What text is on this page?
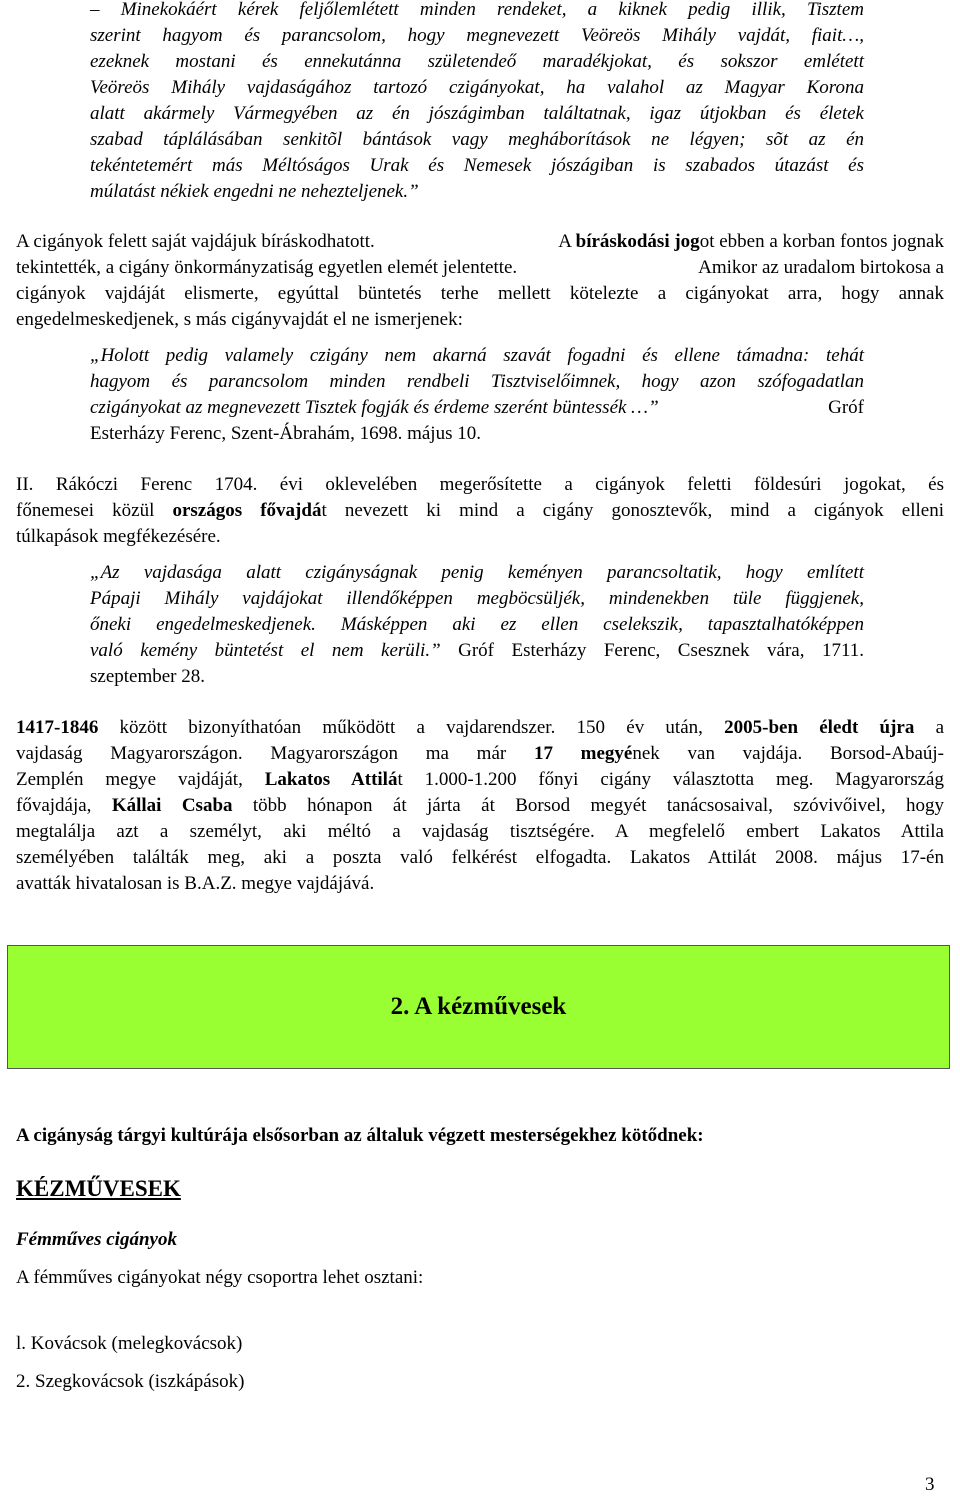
– Minekokáért kérek feljőlemlétett minden rendeket, a kiknek pedig illik, Tisztem
szerint hagyom és parancsolom, hogy megnevezett Veöreös Mihály vajdát, fiait…,
ezeknek mostani és ennekutánna születendeő maradékjokat, és sokszor emlétett
Veöreös Mihály vajdaságához tartozó czigányokat, ha valahol az Magyar Korona
alatt akármely Vármegyében az én jószágimban találtatnak, igaz útjokban és életek
szabad táplálásában senkitõl bántások vagy megháborítások ne légyen; sõt az én
tekéntetemért más Méltóságos Urak és Nemesek jószágiban is szabados útazást és
múlatást nékiek engedni ne nehezteljenek.”
A cigányok felett saját vajdájuk bíráskodhatott.	A bíráskodási jogot ebben a korban fontos jognak
tekintették, a cigány önkormányzatiság egyetlen elemét jelentette.	Amikor az uradalom birtokosa a
cigányok vajdáját elismerte, egyúttal büntetés terhe mellett kötelezte a cigányokat arra, hogy annak
engedelmeskedjenek, s más cigányvajdát el ne ismerjenek:
„Holott pedig valamely czigány nem akarná szavát fogadni és ellene támadna: tehát
hagyom és parancsolom minden rendbeli Tisztviselőimnek, hogy azon szófogadatlan
czigányokat az megnevezett Tisztek fogják és érdeme szerént büntessék …”	Gróf
Esterházy Ferenc, Szent-Ábrahám, 1698. május 10.
II. Rákóczi Ferenc 1704. évi oklevelében megerősítette a cigányok feletti földesúri jogokat, és
főnemesei közül országos fővajdát nevezett ki mind a cigány gonosztevők, mind a cigányok elleni
túlkapások megfékezésére.
„Az vajdasága alatt czigányságnak penig keményen parancsoltatik, hogy említett
Pápaji Mihály vajdájokat illendőképpen megböcsüljék, mindenekben tüle függjenek,
őneki engedelmeskedjenek. Másképpen aki ez ellen cselekszik, tapasztalhatóképpen
való kemény büntetést el nem kerüli.” Gróf Esterházy Ferenc, Csesznek vára, 1711.
szeptember 28.
1417-1846 között bizonyíthatóan működött a vajdarendszer. 150 év után, 2005-ben éledt újra a
vajdaság Magyarországon. Magyarországon ma már 17 megyének van vajdája. Borsod-Abaúj-
Zemplén megye vajdáját, Lakatos Attilát 1.000-1.200 főnyi cigány választotta meg. Magyarország
fővajdája, Kállai Csaba több hónapon át járta át Borsod megyét tanácsosaival, szóvivőivel, hogy
megtalálja azt a személyt, aki méltó a vajdaság tisztségére. A megfelelő embert Lakatos Attila
személyében találták meg, aki a poszta való felkérést elfogadta. Lakatos Attilát 2008. május 17-én
avatták hivatalosan is B.A.Z. megye vajdájává.
2. A kézművesek
A cigányság tárgyi kultúrája elsősorban az általuk végzett mesterségekhez kötődnek:
KÉZMŰVESEK
Fémműves cigányok
A fémműves cigányokat négy csoportra lehet osztani:
l. Kovácsok (melegkovácsok)
2. Szegkovácsok (iszkápások)
3
